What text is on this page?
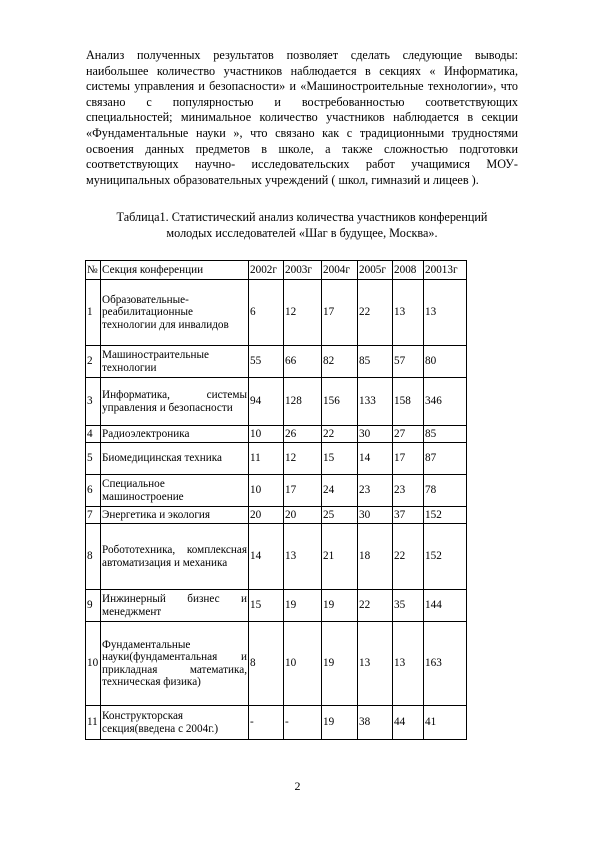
Анализ полученных результатов позволяет сделать следующие выводы: наибольшее количество участников наблюдается в секциях « Информатика, системы управления и безопасности» и «Машиностроительные технологии», что связано с популярностью и востребованностью соответствующих специальностей; минимальное количество участников наблюдается в секции «Фундаментальные науки », что связано как с традиционными трудностями освоения данных предметов в школе, а также сложностью подготовки соответствующих научно- исследовательских работ учащимися МОУ-муниципальных образовательных учреждений ( школ, гимназий и лицеев ).

Таблица1. Статистический анализ количества участников конференций
молодых исследователей «Шаг в будущее, Москва».
№	Секция конференции	2002г	2003г	2004г	2005г	2008	20013г
1	Образовательные-реабилитационные технологии для инвалидов	6	12	17	22	13	13
2	Машинострaительные технологии	55	66	82	85	57	80
3	Информатика, системы управления и безопасности	94	128	156	133	158	346
4	Радиоэлектроника	10	26	22	30	27	85
5	Биомедицинская техника	11	12	15	14	17	87
6	Специальное машиностроение	10	17	24	23	23	78
7	Энергетика и экология	20	20	25	30	37	152
8	Робототехника, комплексная автоматизация и механика	14	13	21	18	22	152
9	Инжинерный бизнес и менеджмент	15	19	19	22	35	144
10	Фундаментальные науки(фундаментальная и прикладная математика, техническая физика)	8	10	19	13	13	163
11	Конструкторская секция(введена с 2004г.)	-	-	19	38	44	41
2
